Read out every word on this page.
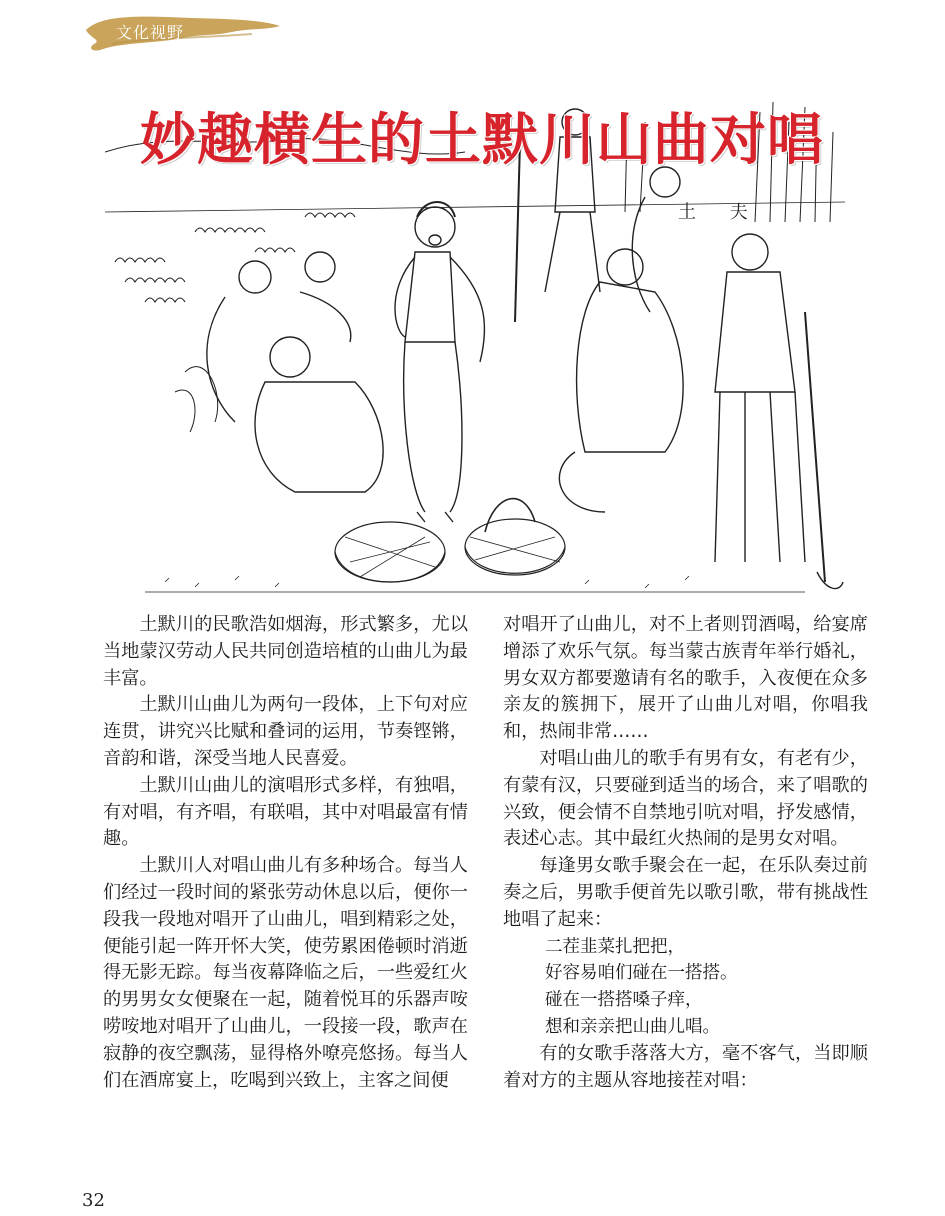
文化视野
妙趣横生的土默川山曲对唱
土 夫

土默川的民歌浩如烟海，形式繁多，尤以当地蒙汉劳动人民共同创造培植的山曲儿为最丰富。

土默川山曲儿为两句一段体，上下句对应连贯，讲究兴比赋和叠词的运用，节奏铿锵，音韵和谐，深受当地人民喜爱。

土默川山曲儿的演唱形式多样，有独唱，有对唱，有齐唱，有联唱，其中对唱最富有情趣。

土默川人对唱山曲儿有多种场合。每当人们经过一段时间的紧张劳动休息以后，便你一段我一段地对唱开了山曲儿，唱到精彩之处，便能引起一阵开怀大笑，使劳累困倦顿时消逝得无影无踪。每当夜幕降临之后，一些爱红火的男男女女便聚在一起，随着悦耳的乐器声咹唠咹地对唱开了山曲儿，一段接一段，歌声在寂静的夜空飘荡，显得格外嘹亮悠扬。每当人们在酒席宴上，吃喝到兴致上，主客之间便

对唱开了山曲儿，对不上者则罚酒喝，给宴席增添了欢乐气氛。每当蒙古族青年举行婚礼，男女双方都要邀请有名的歌手，入夜便在众多亲友的簇拥下，展开了山曲儿对唱，你唱我和，热闹非常……

对唱山曲儿的歌手有男有女，有老有少，有蒙有汉，只要碰到适当的场合，来了唱歌的兴致，便会情不自禁地引吭对唱，抒发感情，表述心志。其中最红火热闹的是男女对唱。

每逢男女歌手聚会在一起，在乐队奏过前奏之后，男歌手便首先以歌引歌，带有挑战性地唱了起来：

二茬韭菜扎把把，

好容易咱们碰在一搭搭。

碰在一搭搭嗓子痒，

想和亲亲把山曲儿唱。

有的女歌手落落大方，毫不客气，当即顺着对方的主题从容地接茬对唱：

32
